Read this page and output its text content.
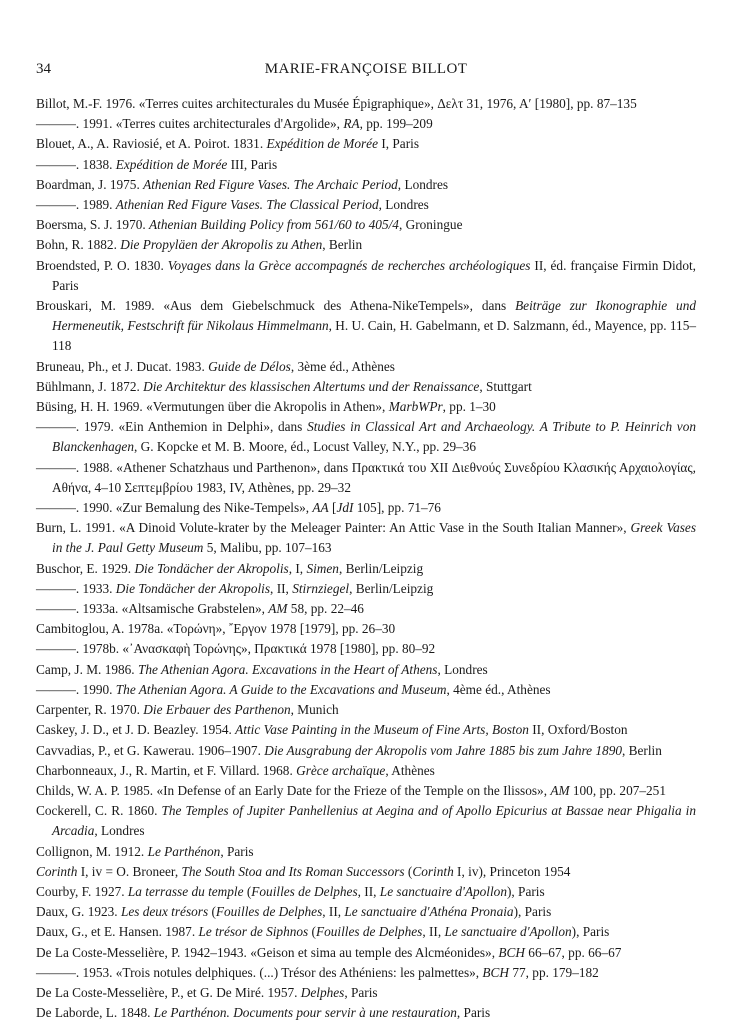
34	MARIE-FRANÇOISE BILLOT

Billot, M.-F. 1976. «Terres cuites architecturales du Musée Épigraphique», Δελτ 31, 1976, Α′ [1980], pp. 87–135

———. 1991. «Terres cuites architecturales d'Argolide», RA, pp. 199–209

Blouet, A., A. Raviosié, et A. Poirot. 1831. Expédition de Morée I, Paris

———. 1838. Expédition de Morée III, Paris

Boardman, J. 1975. Athenian Red Figure Vases. The Archaic Period, Londres

———. 1989. Athenian Red Figure Vases. The Classical Period, Londres

Boersma, S. J. 1970. Athenian Building Policy from 561/60 to 405/4, Groningue

Bohn, R. 1882. Die Propyläen der Akropolis zu Athen, Berlin

Broendsted, P. O. 1830. Voyages dans la Grèce accompagnés de recherches archéologiques II, éd. française Firmin Didot, Paris

Brouskari, M. 1989. «Aus dem Giebelschmuck des Athena-NikeTempels», dans Beiträge zur Ikonographie und Hermeneutik, Festschrift für Nikolaus Himmelmann, H. U. Cain, H. Gabelmann, et D. Salzmann, éd., Mayence, pp. 115–118

Bruneau, Ph., et J. Ducat. 1983. Guide de Délos, 3ème éd., Athènes

Bühlmann, J. 1872. Die Architektur des klassischen Altertums und der Renaissance, Stuttgart

Büsing, H. H. 1969. «Vermutungen über die Akropolis in Athen», MarbWPr, pp. 1–30

———. 1979. «Ein Anthemion in Delphi», dans Studies in Classical Art and Archaeology. A Tribute to P. Heinrich von Blanckenhagen, G. Kopcke et M. B. Moore, éd., Locust Valley, N.Y., pp. 29–36

———. 1988. «Athener Schatzhaus und Parthenon», dans Πρακτικά του XII Διεθνούς Συνεδρίου Κλασικής Αρχαιολογίας, Αθήνα, 4–10 Σεπτεμβρίου 1983, IV, Athènes, pp. 29–32

———. 1990. «Zur Bemalung des Nike-Tempels», AA [JdI 105], pp. 71–76

Burn, L. 1991. «A Dinoid Volute-krater by the Meleager Painter: An Attic Vase in the South Italian Manner», Greek Vases in the J. Paul Getty Museum 5, Malibu, pp. 107–163

Buschor, E. 1929. Die Tondächer der Akropolis, I, Simen, Berlin/Leipzig

———. 1933. Die Tondächer der Akropolis, II, Stirnziegel, Berlin/Leipzig

———. 1933a. «Altsamische Grabstelen», AM 58, pp. 22–46

Cambitoglou, A. 1978a. «Τορώνη», ῎Εργον 1978 [1979], pp. 26–30

———. 1978b. «᾿Ανασκαφὴ Τορώνης», Πρακτικά 1978 [1980], pp. 80–92

Camp, J. M. 1986. The Athenian Agora. Excavations in the Heart of Athens, Londres

———. 1990. The Athenian Agora. A Guide to the Excavations and Museum, 4ème éd., Athènes

Carpenter, R. 1970. Die Erbauer des Parthenon, Munich

Caskey, J. D., et J. D. Beazley. 1954. Attic Vase Painting in the Museum of Fine Arts, Boston II, Oxford/Boston

Cavvadias, P., et G. Kawerau. 1906–1907. Die Ausgrabung der Akropolis vom Jahre 1885 bis zum Jahre 1890, Berlin

Charbonneaux, J., R. Martin, et F. Villard. 1968. Grèce archaïque, Athènes

Childs, W. A. P. 1985. «In Defense of an Early Date for the Frieze of the Temple on the Ilissos», AM 100, pp. 207–251

Cockerell, C. R. 1860. The Temples of Jupiter Panhellenius at Aegina and of Apollo Epicurius at Bassae near Phigalia in Arcadia, Londres

Collignon, M. 1912. Le Parthénon, Paris

Corinth I, iv = O. Broneer, The South Stoa and Its Roman Successors (Corinth I, iv), Princeton 1954

Courby, F. 1927. La terrasse du temple (Fouilles de Delphes, II, Le sanctuaire d'Apollon), Paris

Daux, G. 1923. Les deux trésors (Fouilles de Delphes, II, Le sanctuaire d'Athéna Pronaia), Paris

Daux, G., et E. Hansen. 1987. Le trésor de Siphnos (Fouilles de Delphes, II, Le sanctuaire d'Apollon), Paris

De La Coste-Messelière, P. 1942–1943. «Geison et sima au temple des Alcméonides», BCH 66–67, pp. 66–67

———. 1953. «Trois notules delphiques. (...) Trésor des Athéniens: les palmettes», BCH 77, pp. 179–182

De La Coste-Messelière, P., et G. De Miré. 1957. Delphes, Paris

De Laborde, L. 1848. Le Parthénon. Documents pour servir à une restauration, Paris
